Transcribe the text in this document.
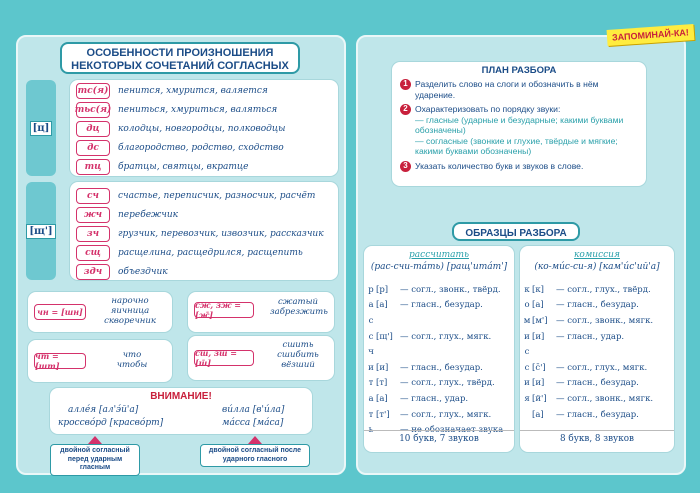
ОСОБЕННОСТИ ПРОИЗНОШЕНИЯ НЕКОТОРЫХ СОЧЕТАНИЙ СОГЛАСНЫХ
[ц]
тс(я) пенится, хмурится, валяется
тьс(я) пениться, хмуриться, валяться
дц	колодцы, новгородцы, полководцы
дс	благородство, родство, сходство
тц	братцы, святцы, вкратце
[щ']
сч	счастье, переписчик, разносчик, расчёт
жч	перебежчик
зч	грузчик, перевозчик, извозчик, рассказчик
сщ	расщелина, расщедрился, расщепить
здч	объездчик
чн = [шн]
нарочно яичница скворечник
сж, зж = [ж̄]
сжатый забрезжить
чт = [шт]
что чтобы
сш, зш = [ш̄]
сшить сшибить вёзший
ВНИМАНИЕ!
аллéя [ал'э́й'а]
кроссвóрд [красвóрт]
вúлла [в'úла]
мáсса [мáса]
двойной согласный перед ударным гласным
двойной согласный после ударного гласного
ЗАПОМИНАЙ-КА!
ПЛАН РАЗБОРА
1 Разделить слово на слоги и обозначить в нём ударение.
2 Охарактеризовать по порядку звуки:
— гласные (ударные и безударные; какими буквами обозначены)
— согласные (звонкие и глухие, твёрдые и мягкие; какими буквами обозначены)
3 Указать количество букв и звуков в слове.
ОБРАЗЦЫ РАЗБОРА
рассчитать
(рас-счи-тáть) [рaщ'итáт']
р [р]	— согл., звонк., твёрд.
а [а]	— гласн., безудар.
с
с [щ'] — согл., глух., мягк.
ч
и [и]	— гласн., безудар.
т [т]	— согл., глух., твёрд.
а [а]	— гласн., удар.
т [т']	— согл., глух., мягк.
ь	— не обозначает звука
10 букв, 7 звуков
комиссия
(ко-мúс-си-я) [кам'úс'ий'а]
к [к]	— согл., глух., твёрд.
о [а]	— гласн., безудар.
м [м'] — согл., звонк., мягк.
и [и]	— гласн., удар.
с
с [с̄']	— согл., глух., мягк.
и [и]	— гласн., безудар.
я [й']	— согл., звонк., мягк.
[а]	— гласн., безудар.
8 букв, 8 звуков
